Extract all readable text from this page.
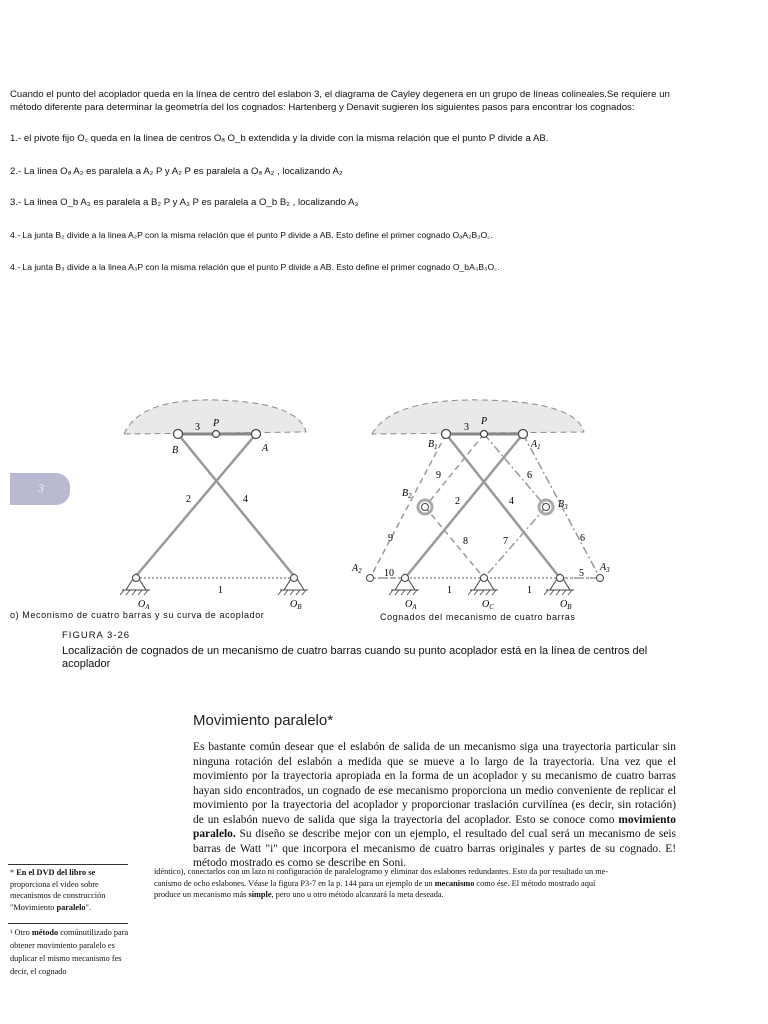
Cuando el punto del acoplador queda en la línea de centro del eslabon 3, el diagrama de Cayley degenera en un grupo de líneas colineales.Se requiere un
método diferente para determinar la geometría del los cognados: Hartenberg y Denavit sugieren los siguientes pasos para encontrar los cognados:
1.- el pivote fijo O꜀ queda en la linea de centros Oₐ O_b extendida y la divide con la misma relación que el punto P divide a AB.
2.- La linea Oₐ A₂ es paralela a A₂ P y A₂ P es paralela a Oₐ A₂ , localizando A₂
3.- La linea O_b A₃ es paralela a B₂ P y A₃ P es paralela a O_b B₂ , localizando A₃
4.- La junta B₂ divide a la linea A₂P con la misma relación que el punto P divide a AB. Esto define el primer cognado OₐA₂B₂O꜀.
4.- La junta B₃ divide a la linea A₃P con la misma relación que el punto P divide a AB. Esto define el primer cognado O_bA₃B₃O꜀.
3
P
B	A
3
2	4
1
$O_A$	$O_B$
P
3
$B_1$	$A_1$
$B_2$
$B_3$
$A_2$	$A_3$
9	6
2	4
9	8	7	6
10
1	1
5
$O_A$	$O_C$	$O_B$
o) Meconismo de cuatro barras y su curva de acoplador	Cognados del mecanismo de cuatro barras
FIGURA 3-26
Localización de cognados de un mecanismo de cuatro barras cuando su punto acoplador está en la línea de centros del acoplador
Movimiento paralelo*

Es bastante común desear que el eslabón de salida de un mecanismo siga una trayectoria particular sin ninguna rotación del eslabón a medida que se mueve a lo largo de la trayectoria. Una vez que el movimiento por la trayectoria apropiada en la forma de un acoplador y su mecanismo de cuatro barras hayan sido encontrados, un cognado de ese mecanismo proporciona un medio conveniente de replicar el movimiento por la trayectoria del acoplador y proporcionar traslación curvilínea (es decir, sin rotación) de un eslabón nuevo de salida que siga la trayectoria del acoplador. Esto se conoce como movimiento paralelo. Su diseño se describe mejor con un ejemplo, el resultado del cual será un mecanismo de seis barras de Watt "i" que incorpora el mecanismo de cuatro barras originales y partes de su cognado. E! método mostrado es como se describe en Soni.

* En el DVD del libro se proporciona el video sobre mecanismos de construcción "Movimiento paralelo".
¹ Otro método comúnutilizado para obtener movimiento paralelo es duplicar el mismo mecanismo fes decir, el cognado
idéntico), conectarlos con un lazo ni configuración de paralelogramo y eliminar dos eslabones redundantes. Esto da por resultado un me-
canismo de ocho eslabones. Véase la figura P3-7 en la p. 144 para un ejemplo de un mecanismo como ése. El método mostrado aquí
produce un mecanismo más simple, pero uno u otro método alcanzará la meta deseada.
